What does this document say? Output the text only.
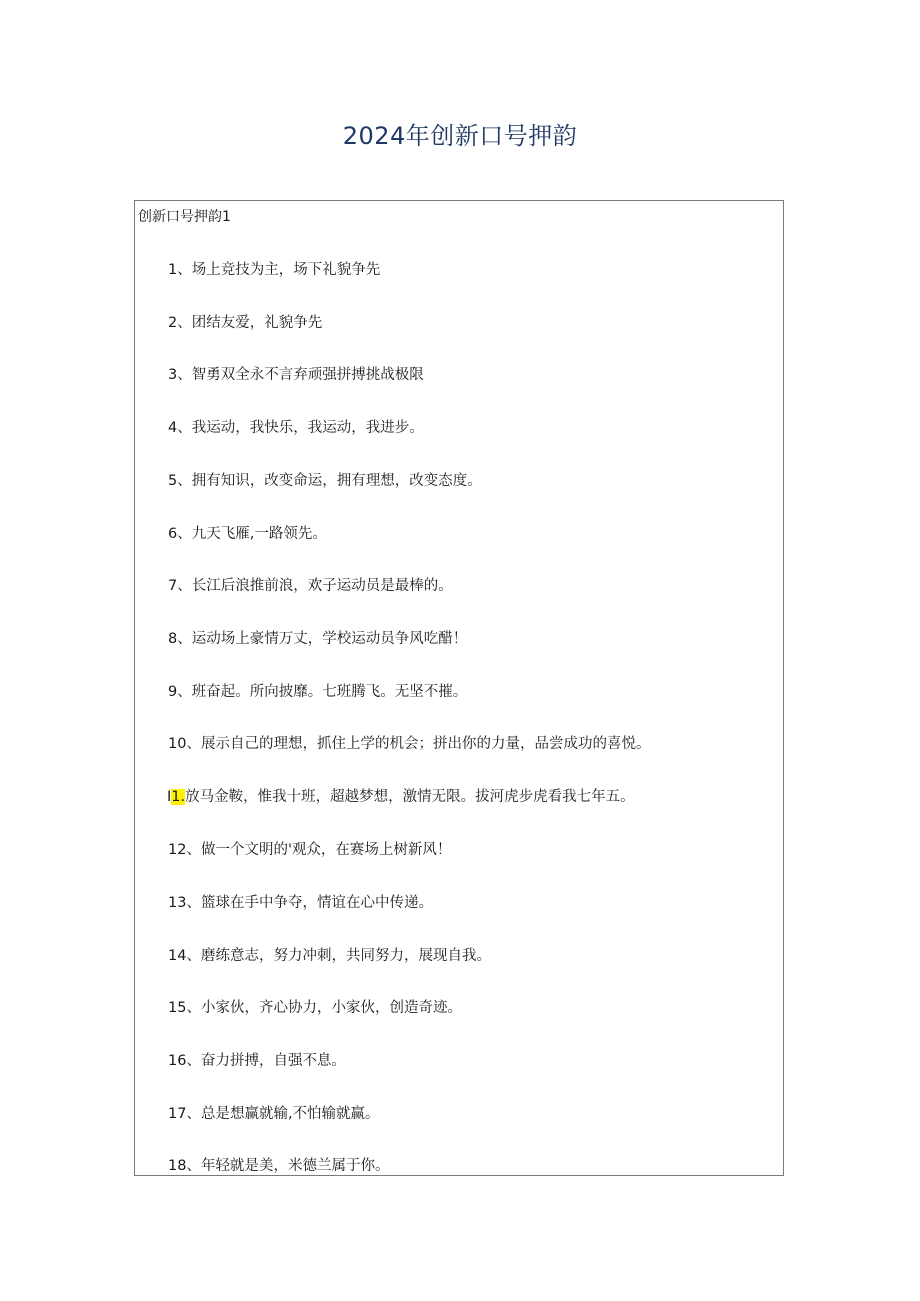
2024年创新口号押韵
创新口号押韵1
1、场上竞技为主，场下礼貌争先
2、团结友爱，礼貌争先
3、智勇双全永不言弃顽强拼搏挑战极限
4、我运动，我快乐，我运动，我进步。
5、拥有知识，改变命运，拥有理想，改变态度。
6、九天飞雁,一路领先。
7、长江后浪推前浪，欢子运动员是最棒的。
8、运动场上豪情万丈，学校运动员争风吃醋！
9、班奋起。所向披靡。七班腾飞。无坚不摧。
10、展示自己的理想，抓住上学的机会；拼出你的力量，品尝成功的喜悦。
I1.放马金鞍，惟我十班，超越梦想，激情无限。拔河虎步虎看我七年五。
12、做一个文明的'观众，在赛场上树新风！
13、篮球在手中争夺，情谊在心中传递。
14、磨练意志，努力冲刺，共同努力，展现自我。
15、小家伙，齐心协力，小家伙，创造奇迹。
16、奋力拼搏，自强不息。
17、总是想赢就输,不怕输就赢。
18、年轻就是美，米德兰属于你。
